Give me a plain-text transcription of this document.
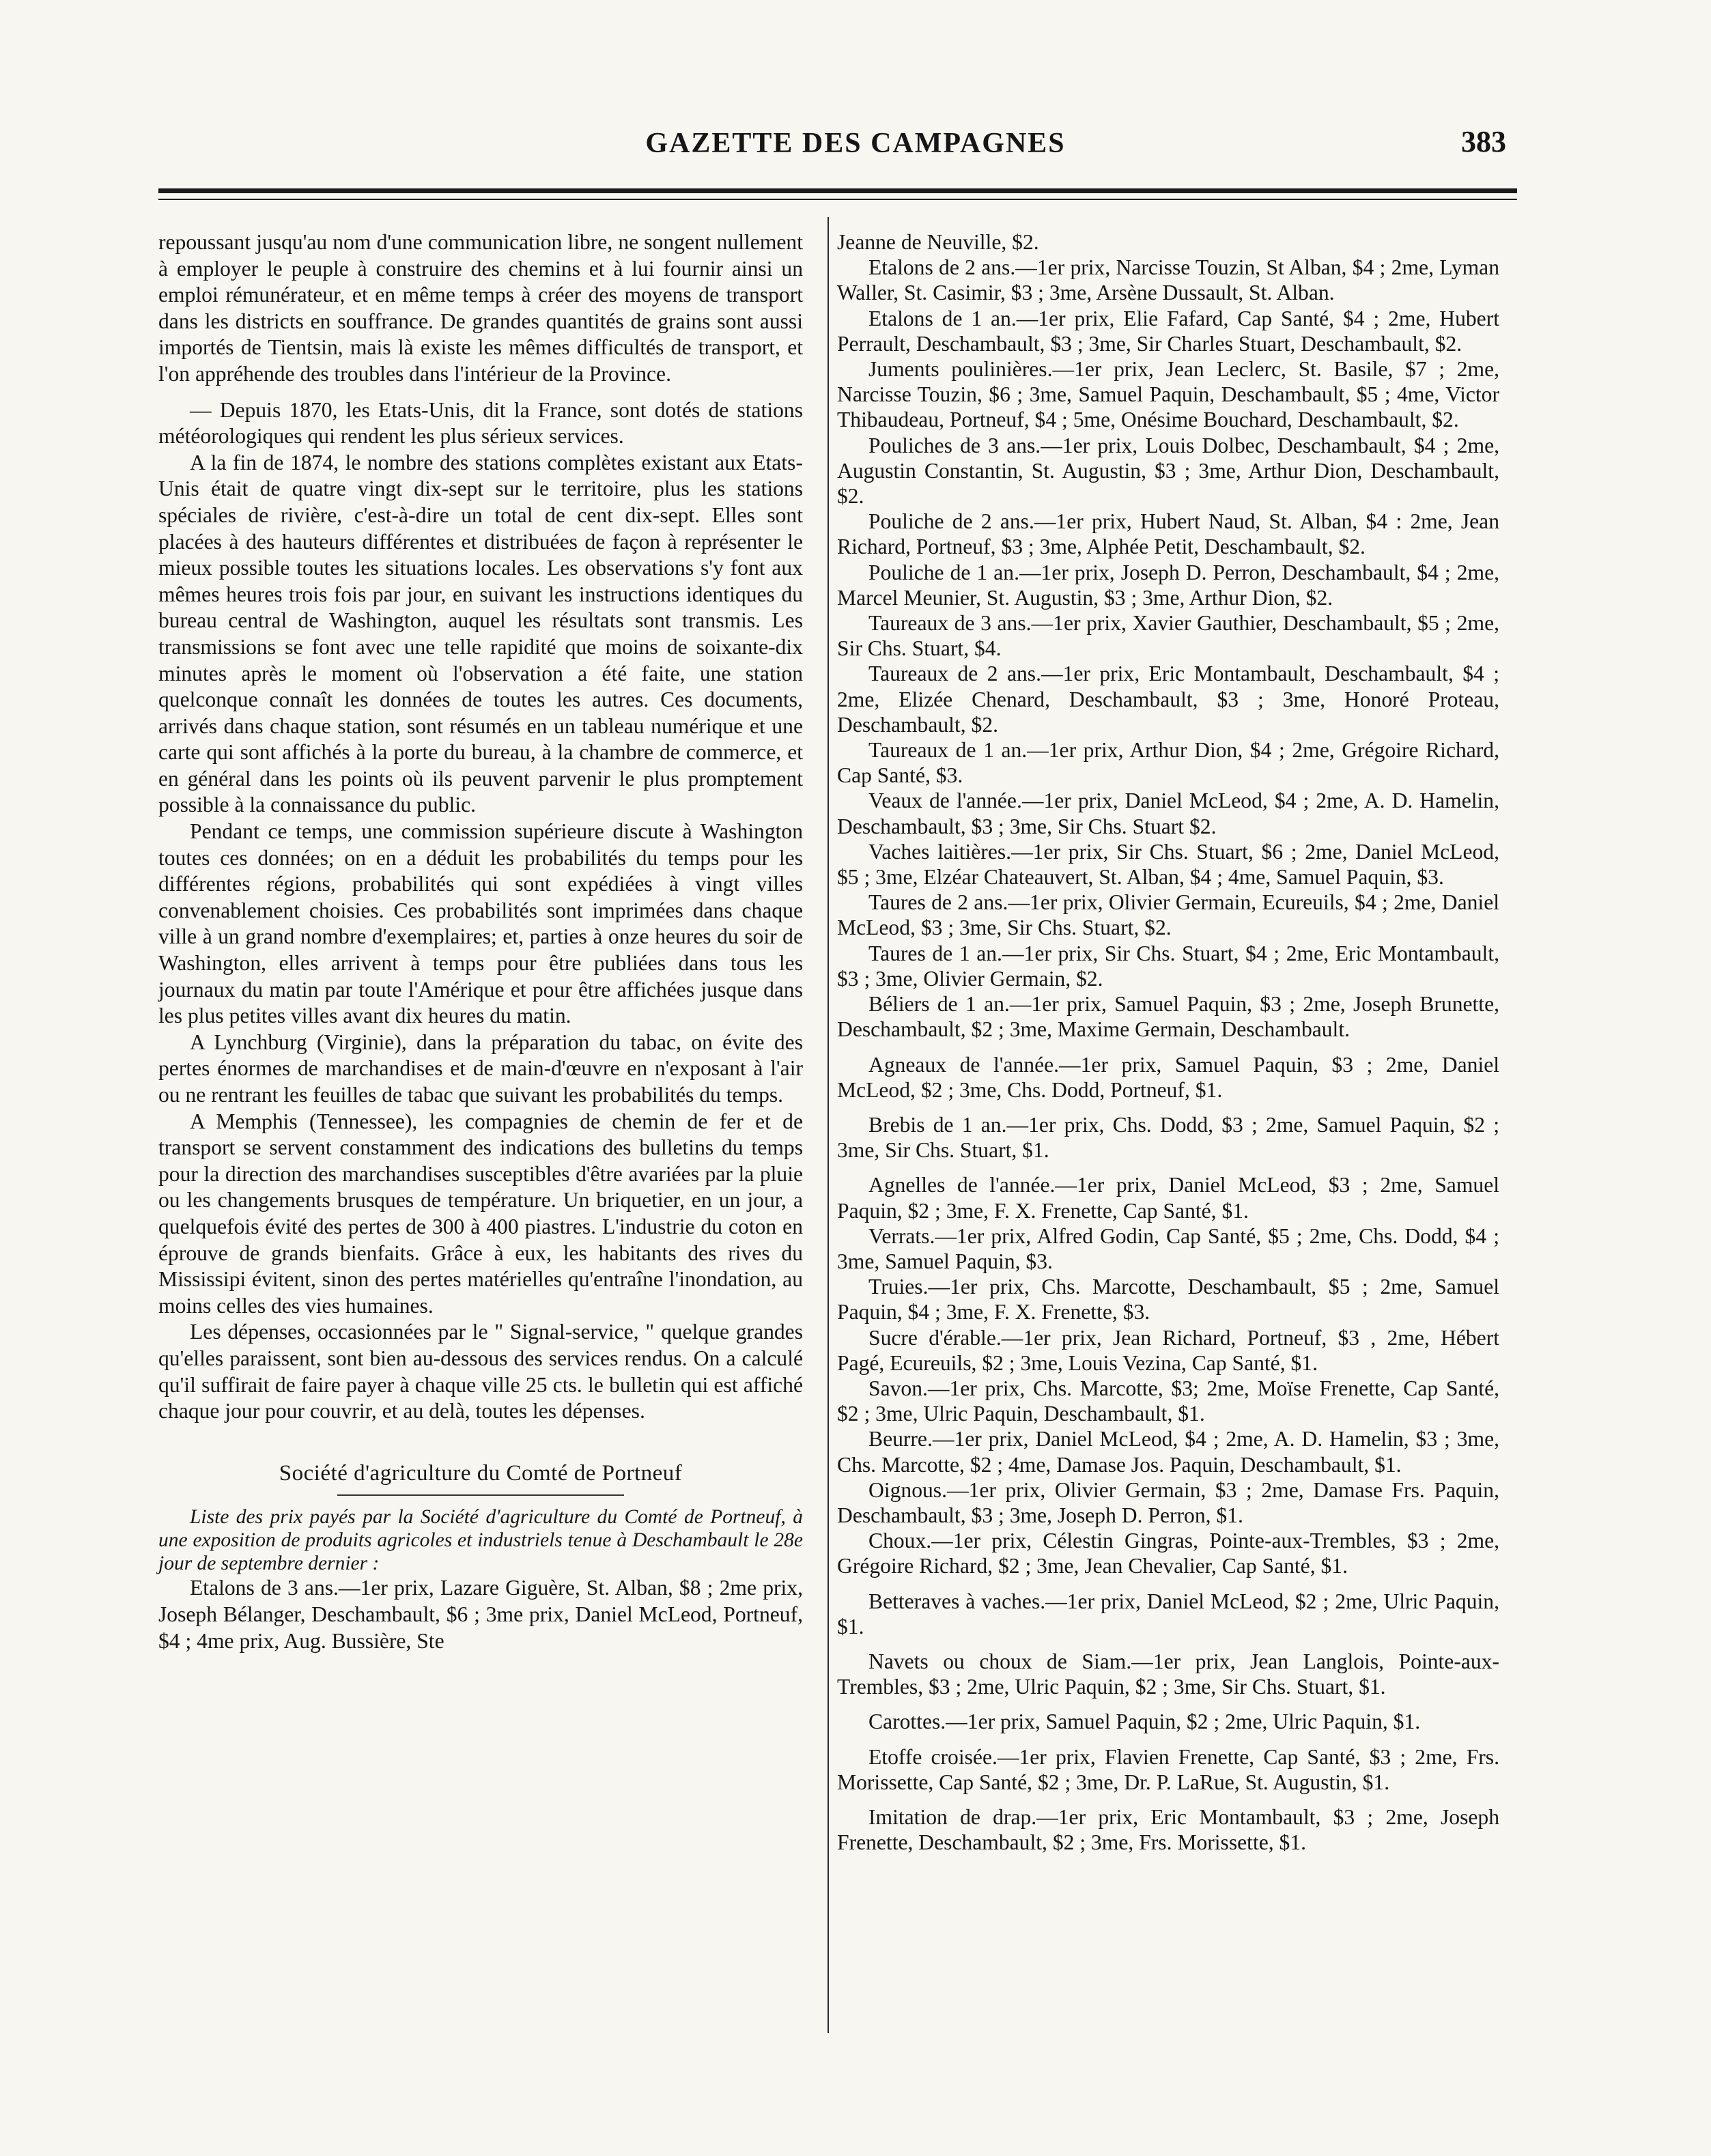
GAZETTE DES CAMPAGNES	383

repoussant jusqu'au nom d'une communication libre, ne songent nullement à employer le peuple à construire des chemins et à lui fournir ainsi un emploi rémunérateur, et en même temps à créer des moyens de transport dans les districts en souffrance. De grandes quantités de grains sont aussi importés de Tientsin, mais là existe les mêmes difficultés de transport, et l'on appréhende des troubles dans l'intérieur de la Province.

— Depuis 1870, les Etats-Unis, dit la France, sont dotés de stations météorologiques qui rendent les plus sérieux services.

A la fin de 1874, le nombre des stations complètes existant aux Etats-Unis était de quatre vingt dix-sept sur le territoire, plus les stations spéciales de rivière, c'est-à-dire un total de cent dix-sept. Elles sont placées à des hauteurs différentes et distribuées de façon à représenter le mieux possible toutes les situations locales. Les observations s'y font aux mêmes heures trois fois par jour, en suivant les instructions identiques du bureau central de Washington, auquel les résultats sont transmis. Les transmissions se font avec une telle rapidité que moins de soixante-dix minutes après le moment où l'observation a été faite, une station quelconque connaît les données de toutes les autres. Ces documents, arrivés dans chaque station, sont résumés en un tableau numérique et une carte qui sont affichés à la porte du bureau, à la chambre de commerce, et en général dans les points où ils peuvent parvenir le plus promptement possible à la connaissance du public.

Pendant ce temps, une commission supérieure discute à Washington toutes ces données; on en a déduit les probabilités du temps pour les différentes régions, probabilités qui sont expédiées à vingt villes convenablement choisies. Ces probabilités sont imprimées dans chaque ville à un grand nombre d'exemplaires; et, parties à onze heures du soir de Washington, elles arrivent à temps pour être publiées dans tous les journaux du matin par toute l'Amérique et pour être affichées jusque dans les plus petites villes avant dix heures du matin.

A Lynchburg (Virginie), dans la préparation du tabac, on évite des pertes énormes de marchandises et de main-d'œuvre en n'exposant à l'air ou ne rentrant les feuilles de tabac que suivant les probabilités du temps.

A Memphis (Tennessee), les compagnies de chemin de fer et de transport se servent constamment des indications des bulletins du temps pour la direction des marchandises susceptibles d'être avariées par la pluie ou les changements brusques de température. Un briquetier, en un jour, a quelquefois évité des pertes de 300 à 400 piastres. L'industrie du coton en éprouve de grands bienfaits. Grâce à eux, les habitants des rives du Mississipi évitent, sinon des pertes matérielles qu'entraîne l'inondation, au moins celles des vies humaines.

Les dépenses, occasionnées par le " Signal-service, " quelque grandes qu'elles paraissent, sont bien au-dessous des services rendus. On a calculé qu'il suffirait de faire payer à chaque ville 25 cts. le bulletin qui est affiché chaque jour pour couvrir, et au delà, toutes les dépenses.

Société d'agriculture du Comté de Portneuf

Liste des prix payés par la Société d'agriculture du Comté de Portneuf, à une exposition de produits agricoles et industriels tenue à Deschambault le 28e jour de septembre dernier :

Etalons de 3 ans.—1er prix, Lazare Giguère, St. Alban, $8 ; 2me prix, Joseph Bélanger, Deschambault, $6 ; 3me prix, Daniel McLeod, Portneuf, $4 ; 4me prix, Aug. Bussière, Ste

Jeanne de Neuville, $2.

Etalons de 2 ans.—1er prix, Narcisse Touzin, St Alban, $4 ; 2me, Lyman Waller, St. Casimir, $3 ; 3me, Arsène Dussault, St. Alban.

Etalons de 1 an.—1er prix, Elie Fafard, Cap Santé, $4 ; 2me, Hubert Perrault, Deschambault, $3 ; 3me, Sir Charles Stuart, Deschambault, $2.

Juments poulinières.—1er prix, Jean Leclerc, St. Basile, $7 ; 2me, Narcisse Touzin, $6 ; 3me, Samuel Paquin, Deschambault, $5 ; 4me, Victor Thibaudeau, Portneuf, $4 ; 5me, Onésime Bouchard, Deschambault, $2.

Pouliches de 3 ans.—1er prix, Louis Dolbec, Deschambault, $4 ; 2me, Augustin Constantin, St. Augustin, $3 ; 3me, Arthur Dion, Deschambault, $2.

Pouliche de 2 ans.—1er prix, Hubert Naud, St. Alban, $4 : 2me, Jean Richard, Portneuf, $3 ; 3me, Alphée Petit, Deschambault, $2.

Pouliche de 1 an.—1er prix, Joseph D. Perron, Deschambault, $4 ; 2me, Marcel Meunier, St. Augustin, $3 ; 3me, Arthur Dion, $2.

Taureaux de 3 ans.—1er prix, Xavier Gauthier, Deschambault, $5 ; 2me, Sir Chs. Stuart, $4.

Taureaux de 2 ans.—1er prix, Eric Montambault, Deschambault, $4 ; 2me, Elizée Chenard, Deschambault, $3 ; 3me, Honoré Proteau, Deschambault, $2.

Taureaux de 1 an.—1er prix, Arthur Dion, $4 ; 2me, Grégoire Richard, Cap Santé, $3.

Veaux de l'année.—1er prix, Daniel McLeod, $4 ; 2me, A. D. Hamelin, Deschambault, $3 ; 3me, Sir Chs. Stuart $2.

Vaches laitières.—1er prix, Sir Chs. Stuart, $6 ; 2me, Daniel McLeod, $5 ; 3me, Elzéar Chateauvert, St. Alban, $4 ; 4me, Samuel Paquin, $3.

Taures de 2 ans.—1er prix, Olivier Germain, Ecureuils, $4 ; 2me, Daniel McLeod, $3 ; 3me, Sir Chs. Stuart, $2.

Taures de 1 an.—1er prix, Sir Chs. Stuart, $4 ; 2me, Eric Montambault, $3 ; 3me, Olivier Germain, $2.

Béliers de 1 an.—1er prix, Samuel Paquin, $3 ; 2me, Joseph Brunette, Deschambault, $2 ; 3me, Maxime Germain, Deschambault.

Agneaux de l'année.—1er prix, Samuel Paquin, $3 ; 2me, Daniel McLeod, $2 ; 3me, Chs. Dodd, Portneuf, $1.

Brebis de 1 an.—1er prix, Chs. Dodd, $3 ; 2me, Samuel Paquin, $2 ; 3me, Sir Chs. Stuart, $1.

Agnelles de l'année.—1er prix, Daniel McLeod, $3 ; 2me, Samuel Paquin, $2 ; 3me, F. X. Frenette, Cap Santé, $1.

Verrats.—1er prix, Alfred Godin, Cap Santé, $5 ; 2me, Chs. Dodd, $4 ; 3me, Samuel Paquin, $3.

Truies.—1er prix, Chs. Marcotte, Deschambault, $5 ; 2me, Samuel Paquin, $4 ; 3me, F. X. Frenette, $3.

Sucre d'érable.—1er prix, Jean Richard, Portneuf, $3 , 2me, Hébert Pagé, Ecureuils, $2 ; 3me, Louis Vezina, Cap Santé, $1.

Savon.—1er prix, Chs. Marcotte, $3; 2me, Moïse Frenette, Cap Santé, $2 ; 3me, Ulric Paquin, Deschambault, $1.

Beurre.—1er prix, Daniel McLeod, $4 ; 2me, A. D. Hamelin, $3 ; 3me, Chs. Marcotte, $2 ; 4me, Damase Jos. Paquin, Deschambault, $1.

Oignous.—1er prix, Olivier Germain, $3 ; 2me, Damase Frs. Paquin, Deschambault, $3 ; 3me, Joseph D. Perron, $1.

Choux.—1er prix, Célestin Gingras, Pointe-aux-Trembles, $3 ; 2me, Grégoire Richard, $2 ; 3me, Jean Chevalier, Cap Santé, $1.

Betteraves à vaches.—1er prix, Daniel McLeod, $2 ; 2me, Ulric Paquin, $1.

Navets ou choux de Siam.—1er prix, Jean Langlois, Pointe-aux-Trembles, $3 ; 2me, Ulric Paquin, $2 ; 3me, Sir Chs. Stuart, $1.

Carottes.—1er prix, Samuel Paquin, $2 ; 2me, Ulric Paquin, $1.

Etoffe croisée.—1er prix, Flavien Frenette, Cap Santé, $3 ; 2me, Frs. Morissette, Cap Santé, $2 ; 3me, Dr. P. LaRue, St. Augustin, $1.

Imitation de drap.—1er prix, Eric Montambault, $3 ; 2me, Joseph Frenette, Deschambault, $2 ; 3me, Frs. Morissette, $1.
